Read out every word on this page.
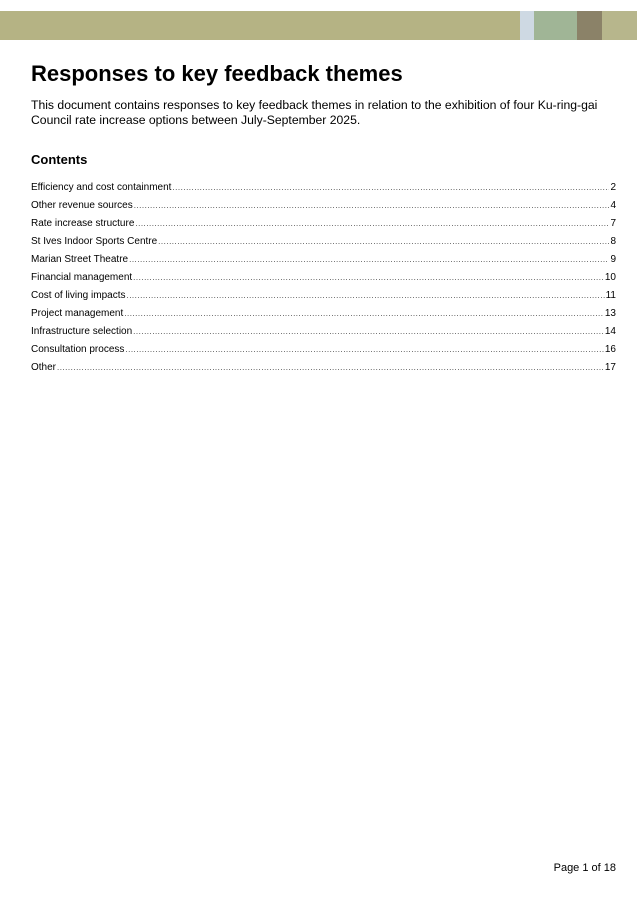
Responses to key feedback themes

This document contains responses to key feedback themes in relation to the exhibition of four Ku-ring-gai Council rate increase options between July-September 2025.

Contents
Efficiency and cost containment .....	2
Other revenue sources .....	4
Rate increase structure .....	7
St Ives Indoor Sports Centre .....	8
Marian Street Theatre .....	9
Financial management .....	10
Cost of living impacts .....	11
Project management .....	13
Infrastructure selection .....	14
Consultation process .....	16
Other .....	17

Page 1 of 18
